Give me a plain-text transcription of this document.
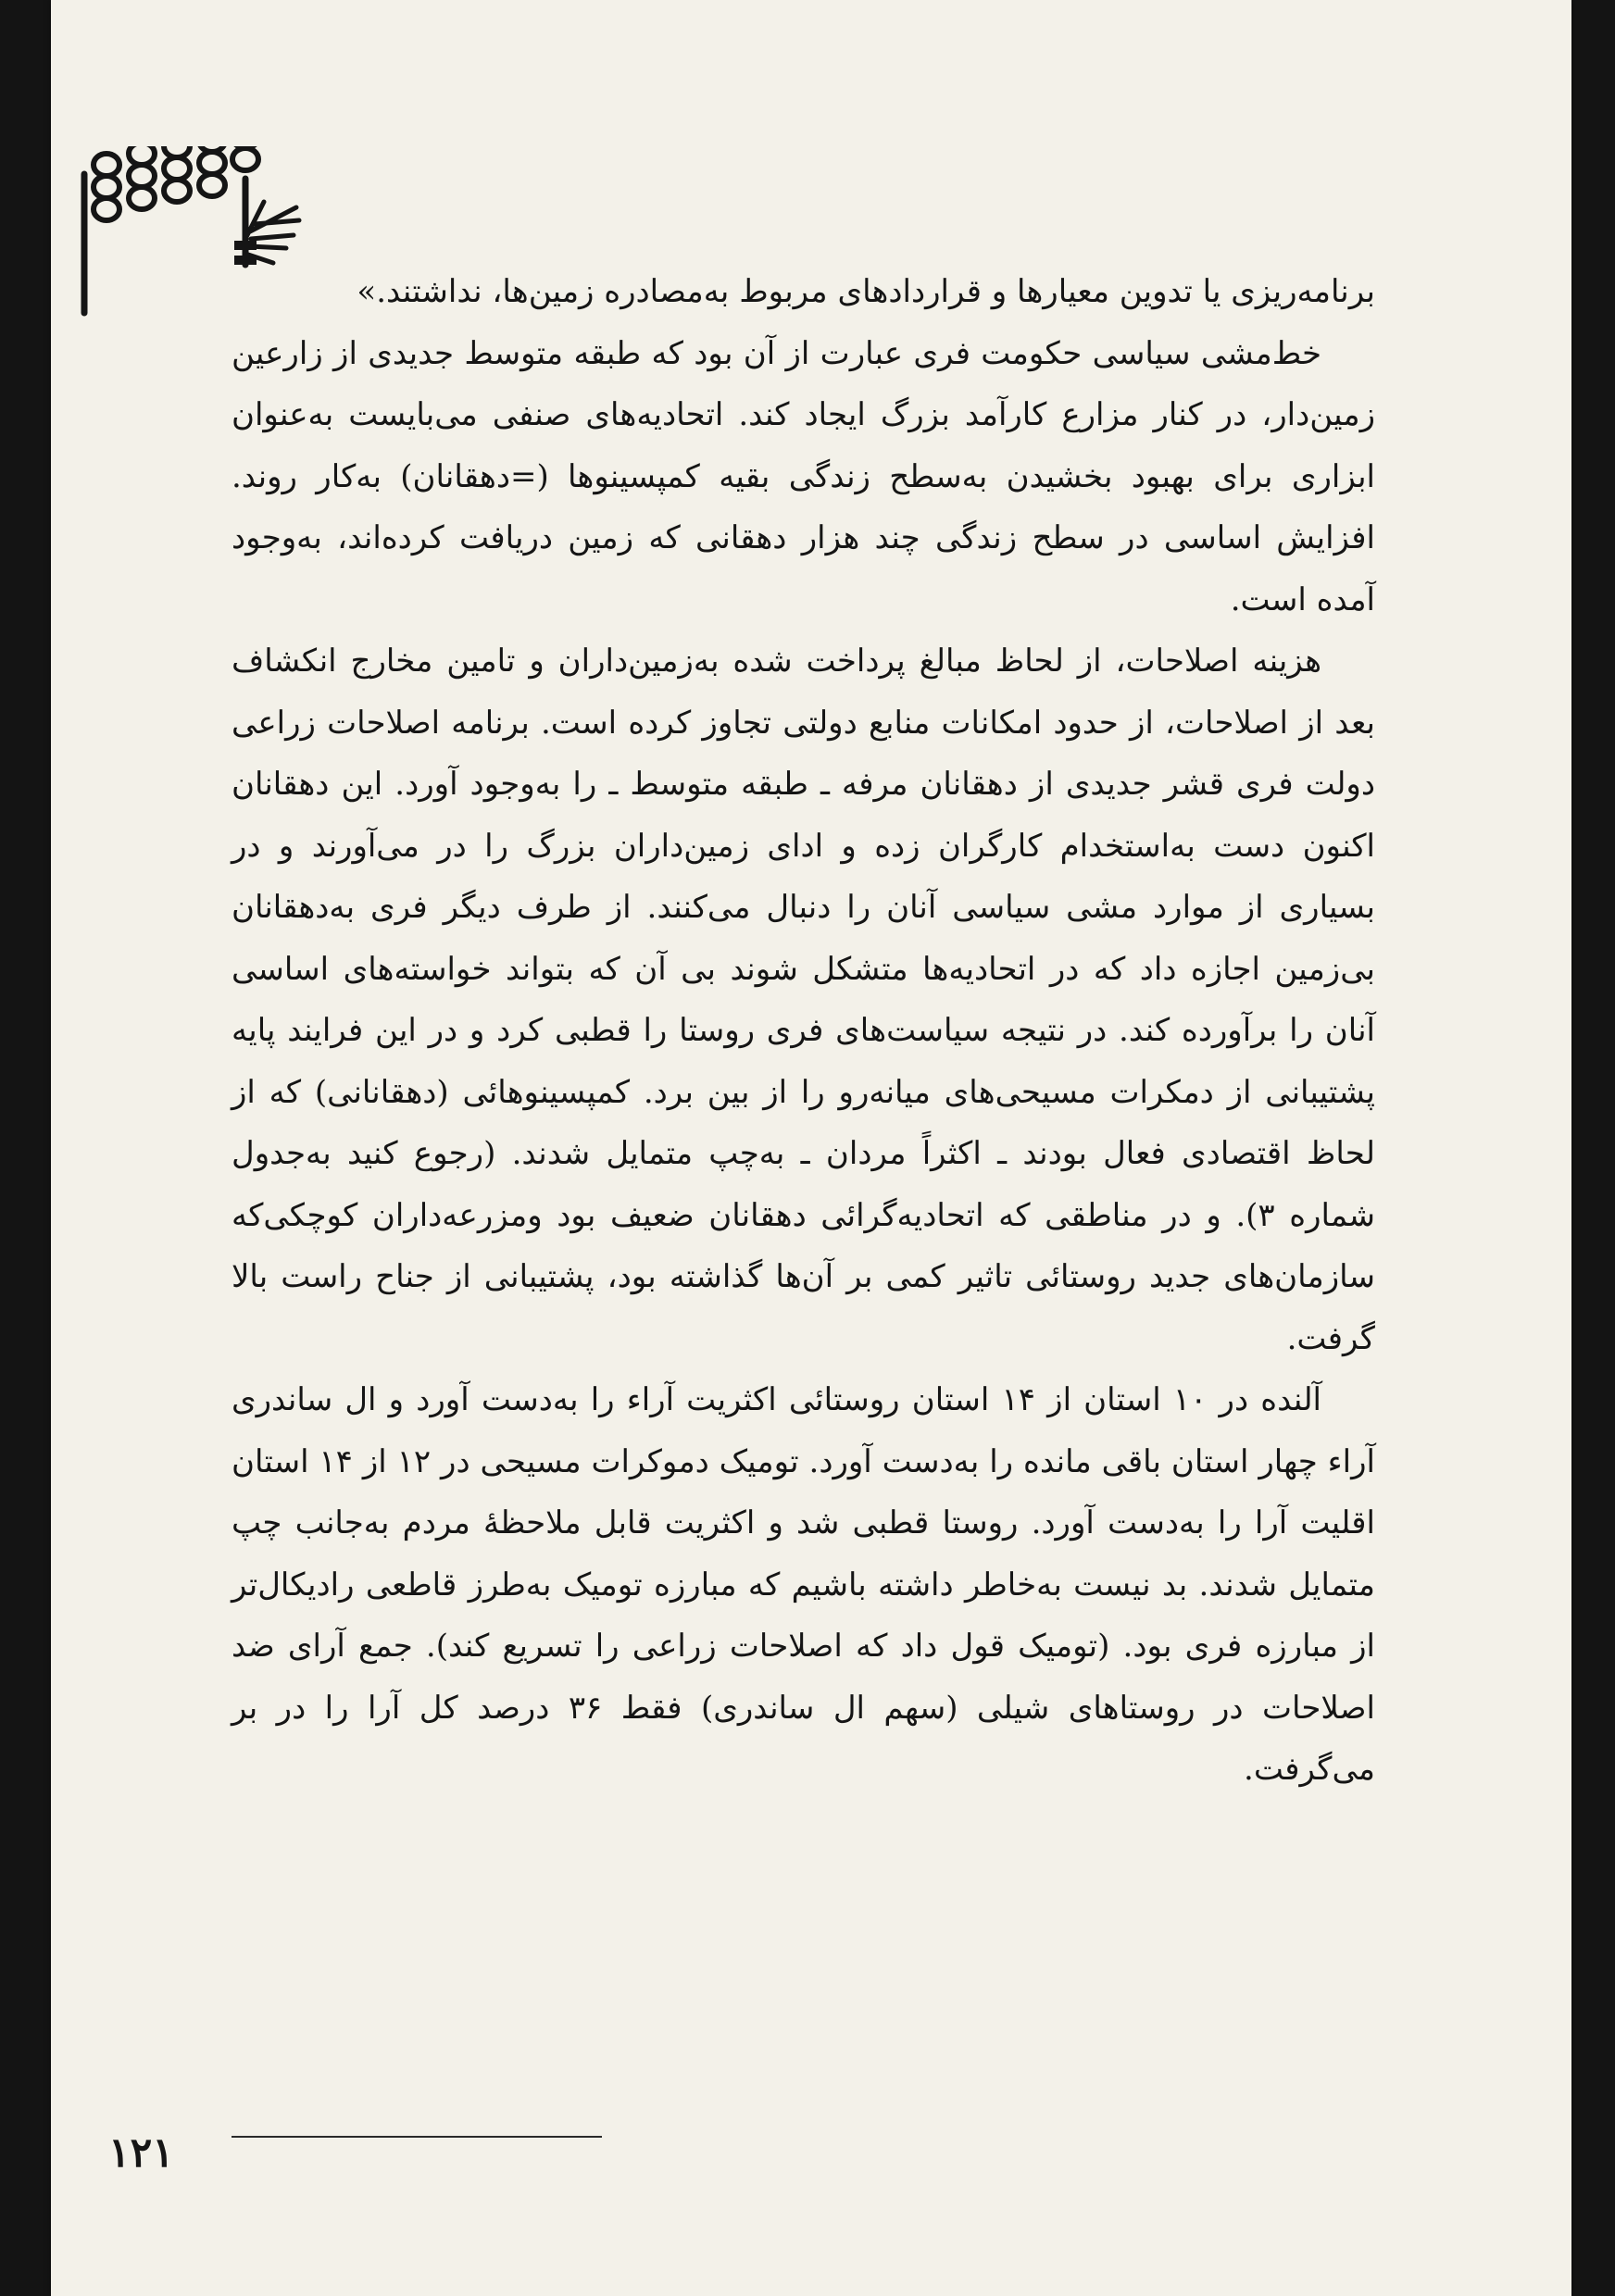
برنامه‌ریزی یا تدوین معیارها و قراردادهای مربوط به‌مصادره زمین‌ها، نداشتند.»

خط‌مشی سیاسی حکومت فری عبارت از آن بود که طبقه متوسط جدیدی از زارعین زمین‌دار، در کنار مزارع کارآمد بزرگ ایجاد کند. اتحادیه‌های صنفی می‌بایست به‌عنوان ابزاری برای بهبود بخشیدن به‌سطح زندگی بقیه کمپسینوها (=دهقانان) به‌کار روند. افزایش اساسی در سطح زندگی چند هزار دهقانی که زمین دریافت کرده‌اند، به‌وجود آمده است.

هزینه اصلاحات، از لحاظ مبالغ پرداخت شده به‌زمین‌داران و تامین مخارج انکشاف بعد از اصلاحات، از حدود امکانات منابع دولتی تجاوز کرده است. برنامه اصلاحات زراعی دولت فری قشر جدیدی از دهقانان مرفه ـ طبقه متوسط ـ را به‌وجود آورد. این دهقانان اکنون دست به‌استخدام کارگران زده و ادای زمین‌داران بزرگ را در می‌آورند و در بسیاری از موارد مشی سیاسی آنان را دنبال می‌کنند. از طرف دیگر فری به‌دهقانان بی‌زمین اجازه داد که در اتحادیه‌ها متشکل شوند بی آن که بتواند خواسته‌های اساسی آنان را برآورده کند. در نتیجه سیاست‌های فری روستا را قطبی کرد و در این فرایند پایه پشتیبانی از دمکرات مسیحی‌های میانه‌رو را از بین برد. کمپسینوهائی (دهقانانی) که از لحاظ اقتصادی فعال بودند ـ اکثراً مردان ـ به‌چپ متمایل شدند. (رجوع کنید به‌جدول شماره ۳). و در مناطقی که اتحادیه‌گرائی دهقانان ضعیف بود ومزرعه‌داران کوچکی‌که سازمان‌های جدید روستائی تاثیر کمی بر آن‌ها گذاشته بود، پشتیبانی از جناح راست بالا گرفت.

آلنده در ۱۰ استان از ۱۴ استان روستائی اکثریت آراء را به‌دست آورد و ال ساندری آراء چهار استان باقی مانده را به‌دست آورد. تومیک دموکرات مسیحی در ۱۲ از ۱۴ استان اقلیت آرا را به‌دست آورد. روستا قطبی شد و اکثریت قابل ملاحظهٔ مردم به‌جانب چپ متمایل شدند. بد نیست به‌خاطر داشته باشیم که مبارزه تومیک به‌طرز قاطعی رادیکال‌تر از مبارزه فری بود. (تومیک قول داد که اصلاحات زراعی را تسریع کند). جمع آرای ضد اصلاحات در روستاهای شیلی (سهم ال ساندری) فقط ۳۶ درصد کل آرا را در بر می‌گرفت.

۱۲۱
